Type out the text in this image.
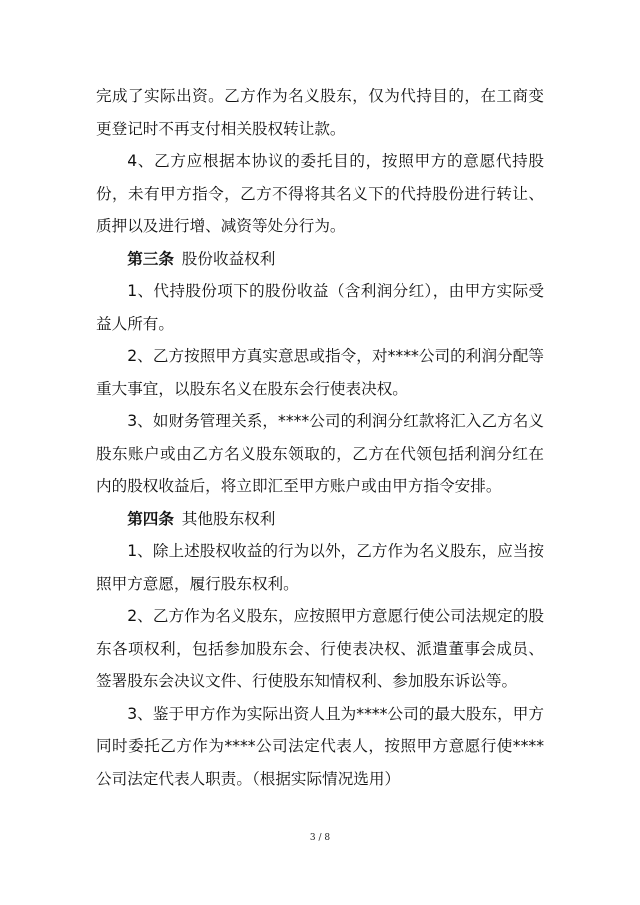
完成了实际出资。乙方作为名义股东，仅为代持目的，在工商变更登记时不再支付相关股权转让款。

4、乙方应根据本协议的委托目的，按照甲方的意愿代持股份，未有甲方指令，乙方不得将其名义下的代持股份进行转让、质押以及进行增、减资等处分行为。

第三条 股份收益权利

1、代持股份项下的股份收益（含利润分红），由甲方实际受益人所有。

2、乙方按照甲方真实意思或指令，对****公司的利润分配等重大事宜，以股东名义在股东会行使表决权。

3、如财务管理关系，****公司的利润分红款将汇入乙方名义股东账户或由乙方名义股东领取的，乙方在代领包括利润分红在内的股权收益后，将立即汇至甲方账户或由甲方指令安排。

第四条 其他股东权利

1、除上述股权收益的行为以外，乙方作为名义股东，应当按照甲方意愿，履行股东权利。

2、乙方作为名义股东，应按照甲方意愿行使公司法规定的股东各项权利，包括参加股东会、行使表决权、派遣董事会成员、签署股东会决议文件、行使股东知情权利、参加股东诉讼等。

3、鉴于甲方作为实际出资人且为****公司的最大股东，甲方同时委托乙方作为****公司法定代表人，按照甲方意愿行使****公司法定代表人职责。（根据实际情况选用）

3 / 8
